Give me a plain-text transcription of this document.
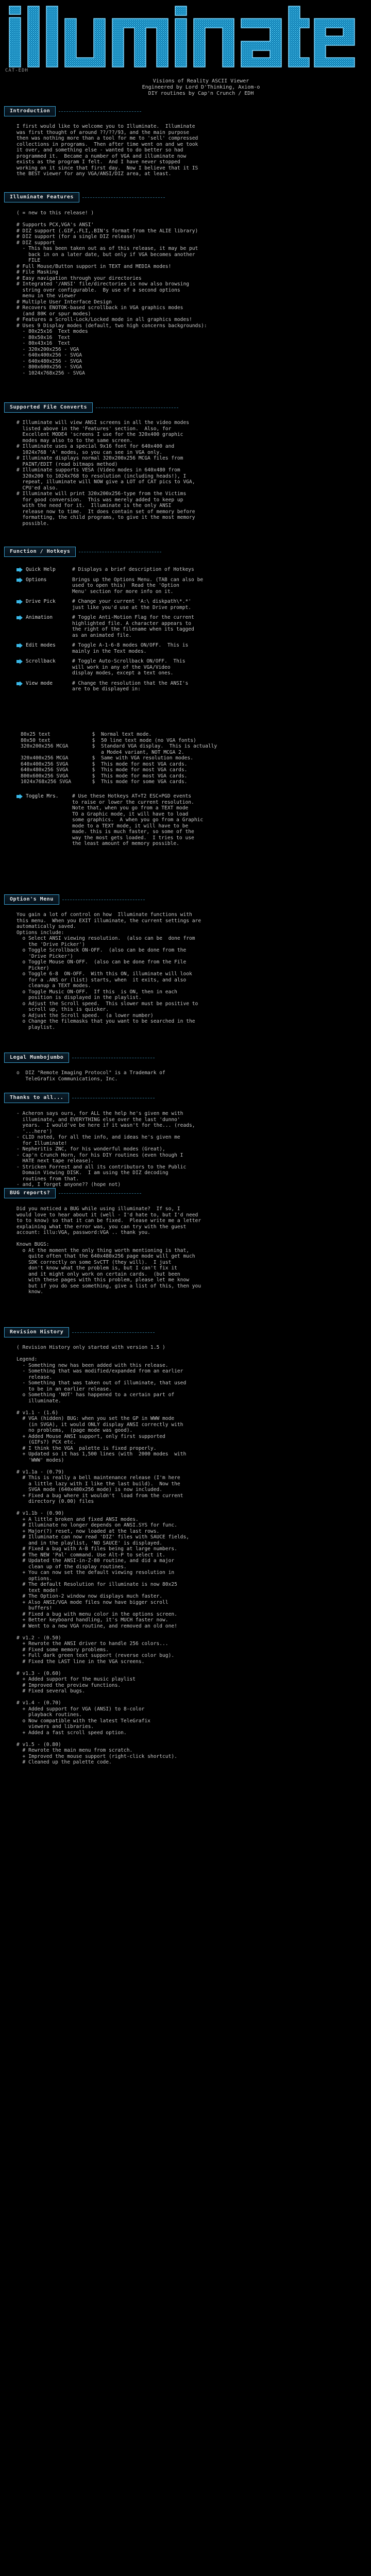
CAT-EDH
Visions of Reality ASCII Viewer
Engineered by Lord D'Thinking, Axiom-o
DIY routines by Cap'n Crunch / EDH
Introduction
I first would like to welcome you to Illuminate.  Illuminate
was first thought of around ??/??/93, and the main purpose
then was nothing more than a tool for me to 'sell' compressed
collections in programs.  Then after time went on and we took
it over, and something else - wanted to do better so had
programmed it.  Became a number of VGA and illuminate now
exists as the program I felt.  And I have never stopped
working on it since that first day.  Now I believe that it IS
the BEST viewer for any VGA/ANSI/DIZ area, at least.
Illuminate Features
( = new to this release! )

# Supports PCX,VGA's ANSI'
# DIZ support (.GIF,.FLI,.BIN's format from the ALIE library)
# DIZ support (for a single DIZ release)
# DIZ support
- This has been taken out as of this release, it may be put
back in on a later date, but only if VGA becomes another
FILE
# Full Mouse/Button support in TEXT and MEDIA modes!
# File Masking
# Easy navigation through your directories
# Integrated '/ANSI' file/directories is now also browsing
string over configurable.  By use of a second options
menu in the viewer
# Multiple User Interface Design
# Recovers ENOTOK-based scrollback in VGA graphics modes
(and 80K or spur modes)
# Features a Scroll-Lock/Locked mode in all graphics modes!
# Uses 9 Display modes (default, two high concerns backgrounds):
- 80x25x16  Text modes
- 80x50x16  Text
- 80x43x16  Text
- 320x200x256 - VGA
- 640x400x256 - SVGA
- 640x480x256 - SVGA
- 800x600x256 - SVGA
- 1024x768x256 - SVGA
Supported File Converts
# Illuminate will view ANSI screens in all the video modes
listed above in the 'Features' section.  Also, for
Excellent MODE4 'screens I use for the 320x400 graphic
modes may also to to the same screen.
# Illuminate uses a special 9x16 font for 640x400 and
1024x768 'A' modes, so you can see in VGA only.
# Illuminate displays normal 320x200x256 MCGA files from
PAINT/EDIT (read bitmaps method)
# Illuminate supports VESA (Video modes in 640x480 from
320x200 to 1024x768 to resolution (including heads!), I
repeat, illuminate will NOW give a LOT of CAT pics to VGA,
CPU'ed also.
# Illuminate will print 320x200x256-type from the Victims
for good conversion.  This was merely added to keep up
with the need for it.  Illuminate is the only ANSI
release now to time.  It does contain set of memory before
formatting, the child programs, to give it the most memory
possible.
Function / Hotkeys
Quick Help	# Displays a brief description of Hotkeys
Options	Brings up the Options Menu. (TAB can also be
used to open this)  Read the 'Option
Menu' section for more info on it.
Drive Pick	# Change your current 'A:\ diskpath\*.*'
just like you'd use at the Drive prompt.
Animation	# Toggle Anti-Motion Flag for the current
highlighted file. A character appears to
the right of the filename when its tagged
as an animated file.
Edit modes	# Toggle A-1-6-8 modes ON/OFF.  This is
mainly in the Text modes.
Scrollback	# Toggle Auto-Scrollback ON/OFF.  This
will work in any of the VGA/Video
display modes, except a text ones.
View mode	# Change the resolution that the ANSI's
are to be displayed in:
80x25 text              $  Normal text mode.
80x50 text              $  50 line text mode (no VGA fonts)
320x200x256 MCGA        $  Standard VGA display.  This is actually
a Mode4 variant, NOT MCGA 2.
320x400x256 MCGA        $  Same with VGA resolution modes.
640x400x256 SVGA        $  This mode for most VGA cards.
640x480x256 SVGA        $  This mode for most VGA cards.
800x600x256 SVGA        $  This mode for most VGA cards.
1024x768x256 SVGA       $  This mode for some VGA cards.
Toggle Mrs.	# Use these Hotkeys AT+T2 ESC+PGD events
to raise or lower the current resolution.
Note that, when you go from a TEXT mode
TO a Graphic mode, it will have to load
some graphics.  A when you go from a Graphic
mode to a TEXT mode, it will have to be
made. this is much faster, so some of the
way the most gets loaded.  I tries to use
the least amount of memory possible.
Option's Menu
You gain a lot of control on how  Illuminate functions with
this menu.  When you EXIT illuminate, the current settings are
automatically saved.
Options include:
o Select ANSI viewing resolution.  (also can be  done from
the 'Drive Picker')
o Toggle Scrollback ON-OFF.  (also can be done from the
'Drive Picker')
o Toggle Mouse ON-OFF.  (also can be done from the File
Picker)
o Toggle 6-8  ON-OFF.  With this ON, illuminate will look
for a .ANS or (list) starts, when  it exits, and also
cleanup a TEXT modes.
o Toggle Music ON-OFF.  If this  is ON, then in each
position is displayed in the playlist.
o Adjust the Scroll speed.  This slower must be positive to
scroll up, this is quicker.
o Adjust the Scroll speed.  (a lower number)
o Change the filemasks that you want to be searched in the
playlist.
Legal Mumbojumbo
o  DIZ "Remote Imaging Protocol" is a Trademark of
TeleGrafix Communications, Inc.
Thanks to all...
- Acheron says ours, for ALL the help he's given me with
illuminate, and EVERYTHING else over the last 'dunno'
years.  I would've be here if it wasn't for the... (reads,
'...here')
- CLID noted, for all the info, and ideas he's given me
for Illuminate!
- Nepheritis ZNC, for his wonderful modes (Great),
- Cap'n Crunch Horn, for his DIY routines (even though I
HATE next tape release).
- Stricken Forrest and all its contributors to the Public
Domain Viewing DISK.  I am using the DIZ decoding
routines from that.
- and, I forget anyone?? (hope not)
BUG reports?
Did you noticed a BUG while using illuminate?  If so, I
would love to hear about it (well - I'd hate to, but I'd need
to to know) so that it can be fixed.  Please write me a letter
explaining what the error was, you can try with the guest
account: illu:VGA, password:VGA .. thank you.

Known BUGS:
o At the moment the only thing worth mentioning is that,
quite often that the 640x480x256 page mode will get much
SDK correctly on some SvCTT (they will).  I just
don't know what the problem is, but I can't fix it
and it might only work on certain cards.  (but been
with these pages with this problem, please let me know
but if you do see something, give a list of this, then you
know.
Revision History
( Revision History only started with version 1.5 )

Legend:
- Something new has been added with this release.
- Something that was modified/expanded from an earlier
release.
- Something that was taken out of illuminate, that used
to be in an earlier release.
o Something 'NOT' has happened to a certain part of
illuminate.

# v1.1 - (1.6)
# VGA (hidden) BUG: when you set the GP in WWW mode
(in SVGA), it would ONLY display ANSI correctly with
no problems,  (page mode was good).
+ Added Mouse ANSI support, only first supported
(GIFs?) PCX etc.
# I think the VGA  palette is fixed properly.
+ Updated so it has 1,500 lines (with  2000 modes  with
'WWW' modes)

# v1.1a - (0.79)
# This is really a bell maintenance release (I'm here
a little lazy with I like the last build).  Now the
SVGA mode (640x480x256 mode) is now included.
+ Fixed a bug where it wouldn't  load from the current
directory (0.00) files

# v1.1b - (0.90)
+ A little broken and fixed ANSI modes.
# Illuminate no longer depends on ANSI.SYS for func.
+ Major(?) reset, now loaded at the last rows.
# Illuminate can now read 'DIZ' files with SAUCE fields,
and in the playlist, 'NO SAUCE' is displayed.
# Fixed a bug with A-B files being at large numbers.
# The NEW 'Pal' command. Use Alt-P to select it.
# Updated the ANSI-in-Z-80 routine, and did a major
clean up of the display routines.
+ You can now set the default viewing resolution in
options.
# The default Resolution for illuminate is now 80x25
text mode!
# The Option-2 window now displays much faster.
+ Also ANSI/VGA mode files now have bigger scroll
buffers!
# Fixed a bug with menu color in the options screen.
+ Better keyboard handling, it's MUCH faster now.
# Went to a new VGA routine, and removed an old one!

# v1.2 - (0.50)
+ Rewrote the ANSI driver to handle 256 colors...
# Fixed some memory problems.
+ Full dark green text support (reverse color bug).
# Fixed the LAST line in the VGA screens.

# v1.3 - (0.60)
+ Added support for the music playlist
# Improved the preview functions.
# Fixed several bugs.

# v1.4 - (0.70)
+ Added support for VGA (ANSI) to 8-color
playback routines.
o Now compatible with the latest TeleGrafix
viewers and libraries.
+ Added a fast scroll speed option.

# v1.5 - (0.80)
# Rewrote the main menu from scratch.
+ Improved the mouse support (right-click shortcut).
# Cleaned up the palette code.
